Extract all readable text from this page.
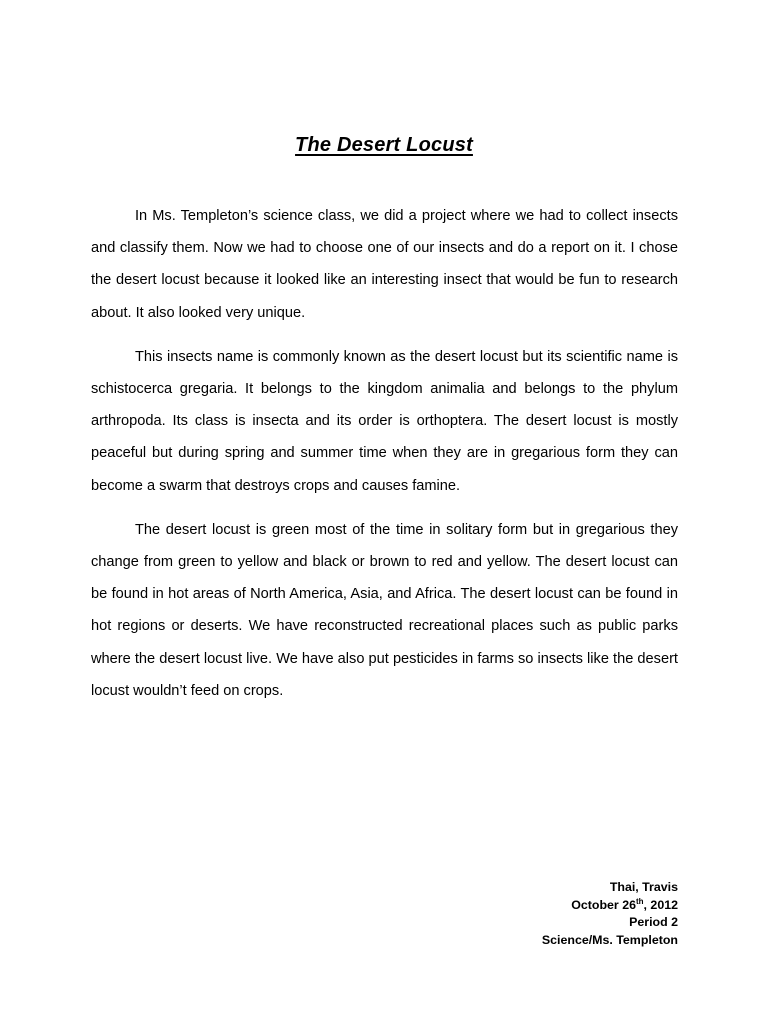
The Desert Locust

In Ms. Templeton’s science class, we did a project where we had to collect insects and classify them. Now we had to choose one of our insects and do a report on it. I chose the desert locust because it looked like an interesting insect that would be fun to research about. It also looked very unique.

This insects name is commonly known as the desert locust but its scientific name is schistocerca gregaria. It belongs to the kingdom animalia and belongs to the phylum arthropoda. Its class is insecta and its order is orthoptera. The desert locust is mostly peaceful but during spring and summer time when they are in gregarious form they can become a swarm that destroys crops and causes famine.

The desert locust is green most of the time in solitary form but in gregarious they change from green to yellow and black or brown to red and yellow. The desert locust can be found in hot areas of North America, Asia, and Africa. The desert locust can be found in hot regions or deserts. We have reconstructed recreational places such as public parks where the desert locust live. We have also put pesticides in farms so insects like the desert locust wouldn’t feed on crops.

Thai, Travis
October 26th, 2012
Period 2
Science/Ms. Templeton
